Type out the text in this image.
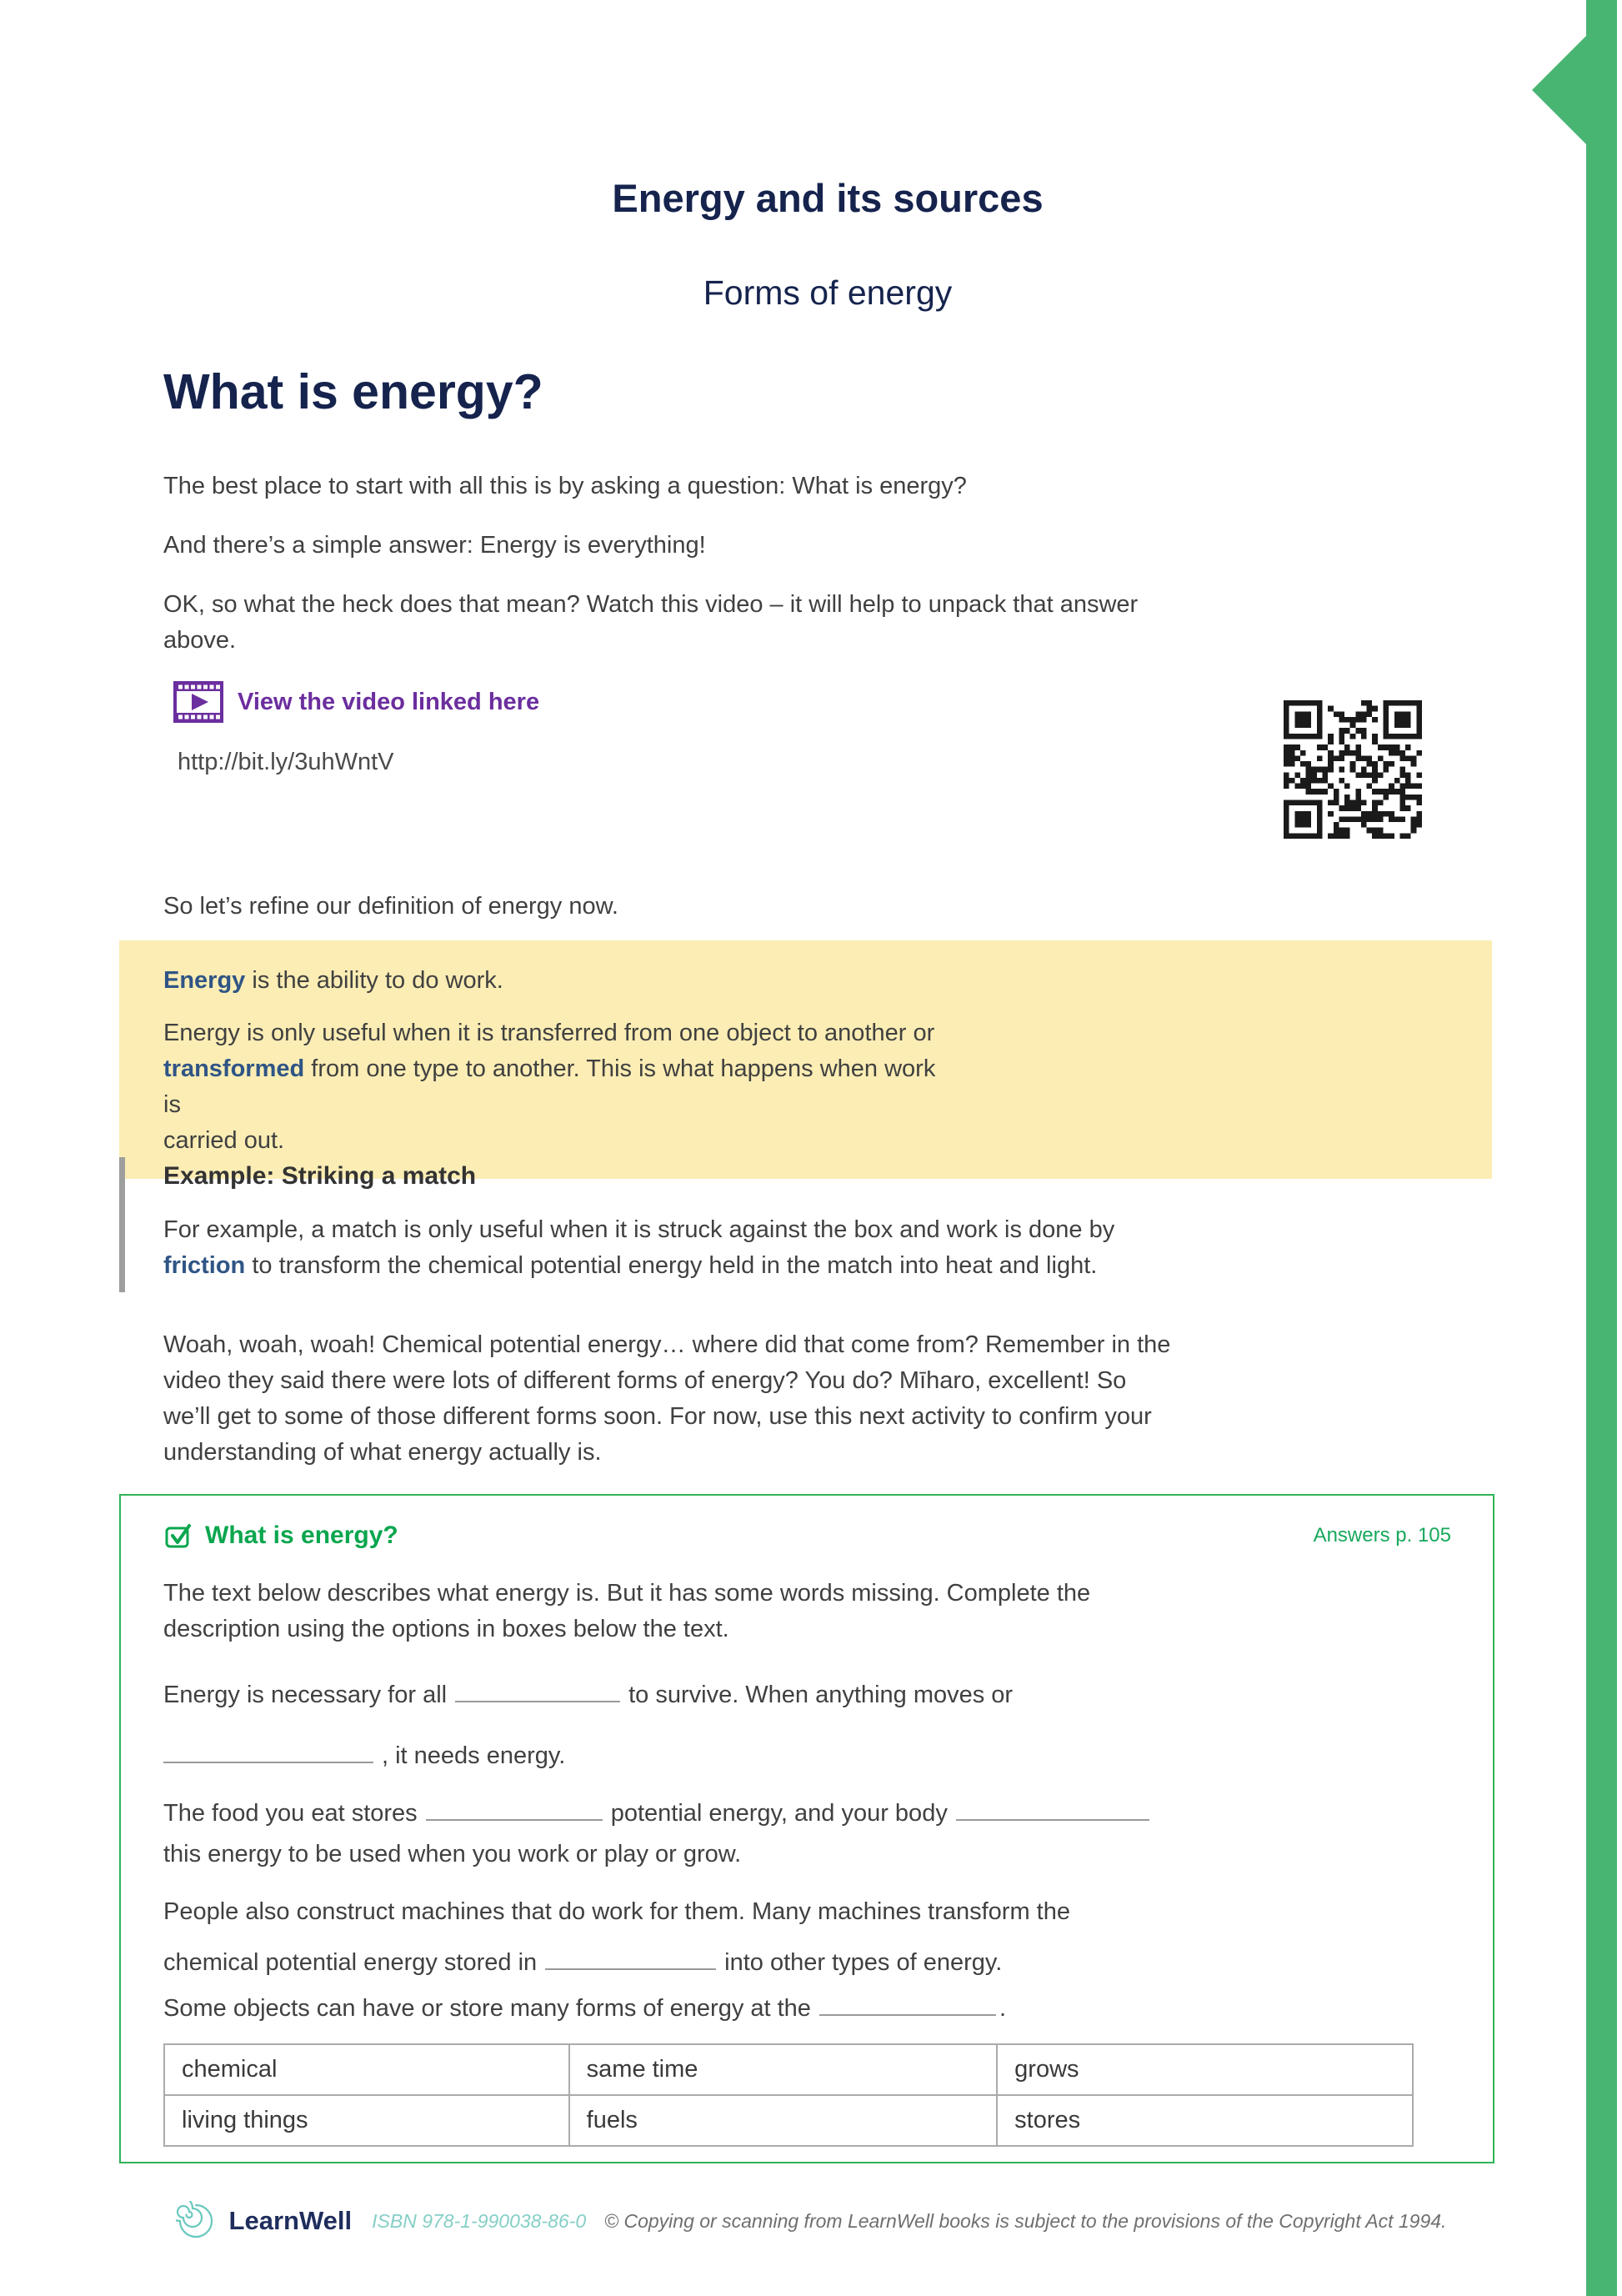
Energy and its sources
Forms of energy
What is energy?
The best place to start with all this is by asking a question: What is energy?
And there’s a simple answer: Energy is everything!
OK, so what the heck does that mean? Watch this video – it will help to unpack that answer
above.
View the video linked here
http://bit.ly/3uhWntV
So let’s refine our definition of energy now.
Energy is the ability to do work.
Energy is only useful when it is transferred from one object to another or
transformed from one type to another. This is what happens when work is
carried out.
Example: Striking a match
For example, a match is only useful when it is struck against the box and work is done by
friction to transform the chemical potential energy held in the match into heat and light.
Woah, woah, woah! Chemical potential energy… where did that come from? Remember in the
video they said there were lots of different forms of energy? You do? Mīharo, excellent! So
we’ll get to some of those different forms soon. For now, use this next activity to confirm your
understanding of what energy actually is.
What is energy?	Answers p. 105
The text below describes what energy is. But it has some words missing. Complete the
description using the options in boxes below the text.
Energy is necessary for all	to survive. When anything moves or
, it needs energy.
The food you eat stores	potential energy, and your body
this energy to be used when you work or play or grow.
People also construct machines that do work for them. Many machines transform the
chemical potential energy stored in	into other types of energy.
Some objects can have or store many forms of energy at the	.
chemical	same time	grows
living things	fuels	stores
LearnWell ISBN 978-1-990038-86-0 © Copying or scanning from LearnWell books is subject to the provisions of the Copyright Act 1994.
